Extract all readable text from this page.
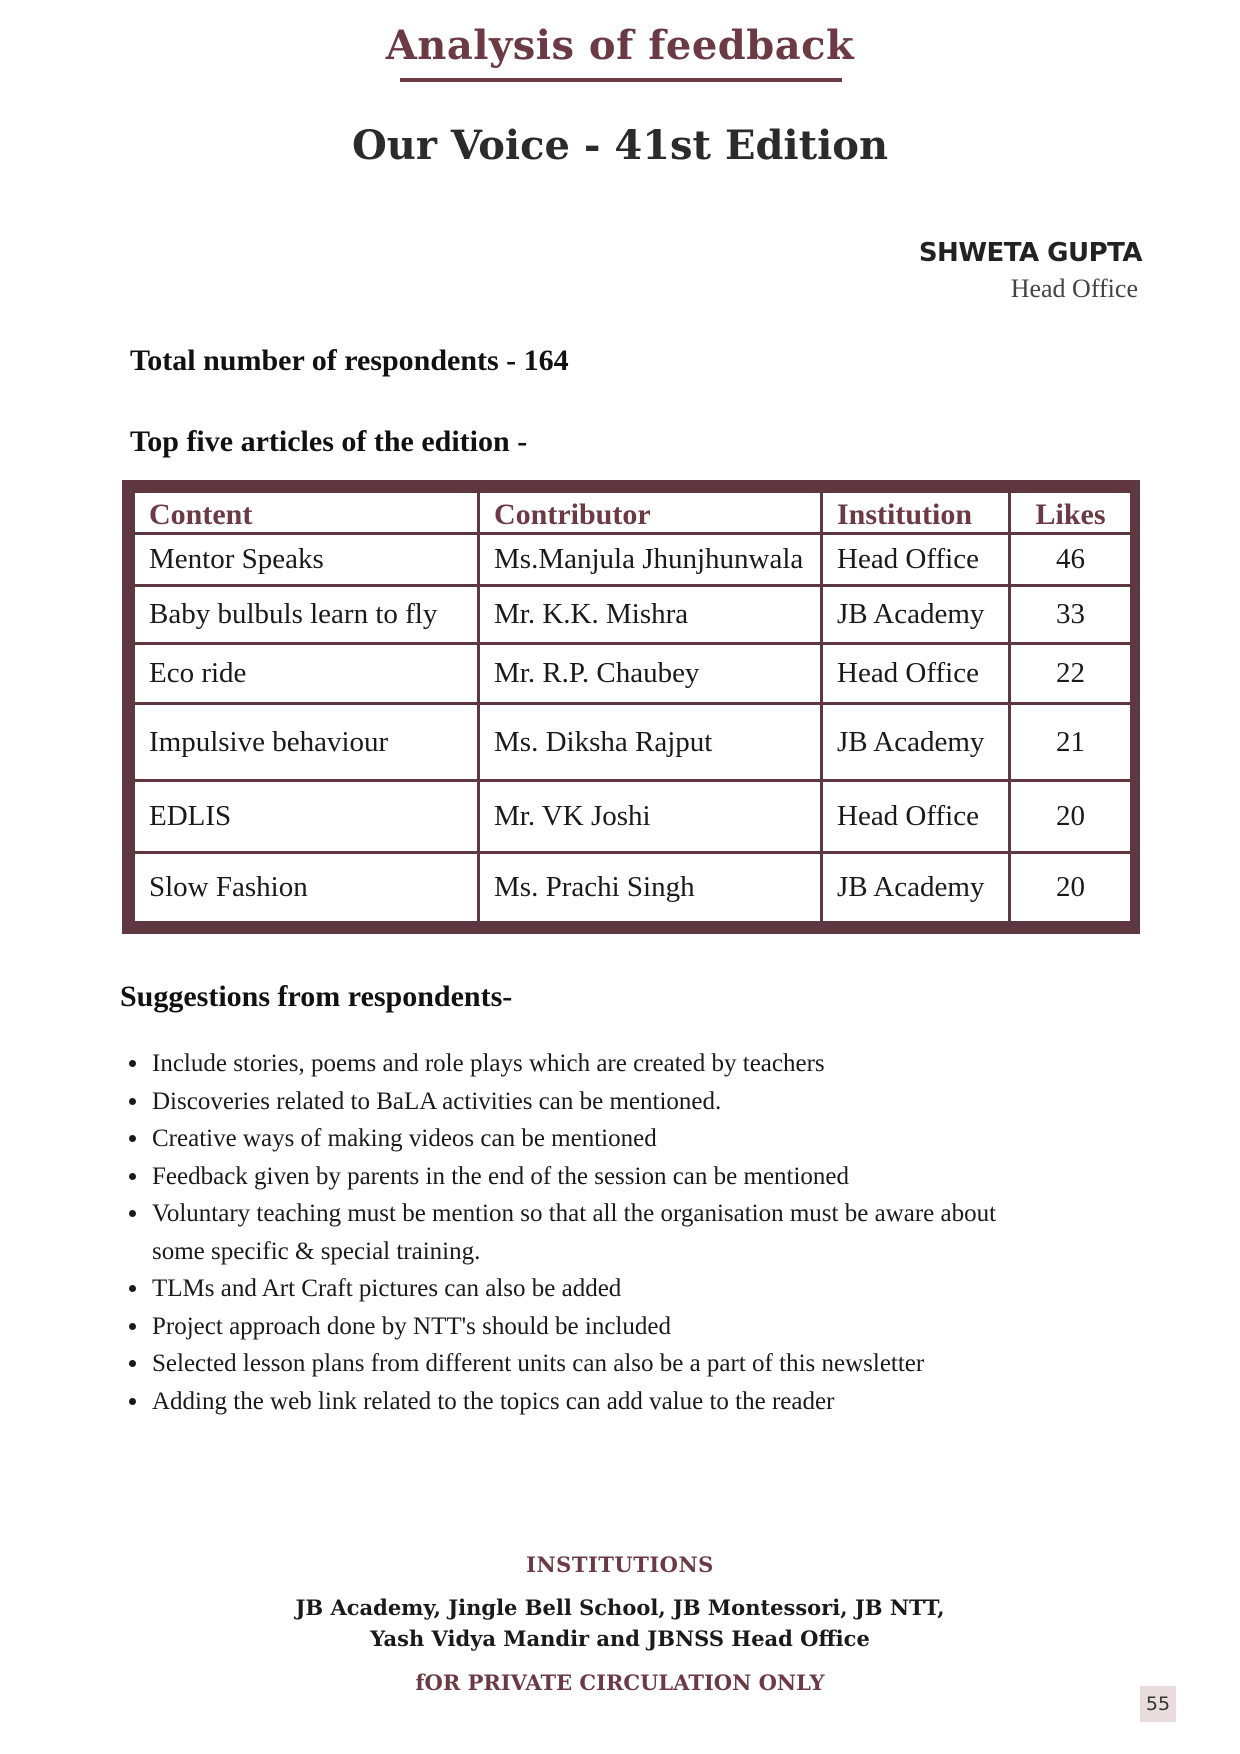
Analysis of feedback
Our Voice - 41st Edition
SHWETA GUPTA
Head Office
Total number of respondents - 164
Top five articles of the edition -
Content	Contributor	Institution	Likes
Mentor Speaks	Ms.Manjula Jhunjhunwala	Head Office	46
Baby bulbuls learn to fly	Mr. K.K. Mishra	JB Academy	33
Eco ride	Mr. R.P. Chaubey	Head Office	22
Impulsive behaviour	Ms. Diksha Rajput	JB Academy	21
EDLIS	Mr. VK Joshi	Head Office	20
Slow Fashion	Ms. Prachi Singh	JB Academy	20
Suggestions from respondents-
• Include stories, poems and role plays which are created by teachers
• Discoveries related to BaLA activities can be mentioned.
• Creative ways of making videos can be mentioned
• Feedback given by parents in the end of the session can be mentioned
• Voluntary teaching must be mention so that all the organisation must be aware about some specific & special training.
• TLMs and Art Craft pictures can also be added
• Project approach done by NTT's should be included
• Selected lesson plans from different units can also be a part of this newsletter
• Adding the web link related to the topics can add value to the reader
INSTITUTIONS
JB Academy, Jingle Bell School, JB Montessori, JB NTT,
Yash Vidya Mandir and JBNSS Head Office
fOR PRIVATE CIRCULATION ONLY
55
